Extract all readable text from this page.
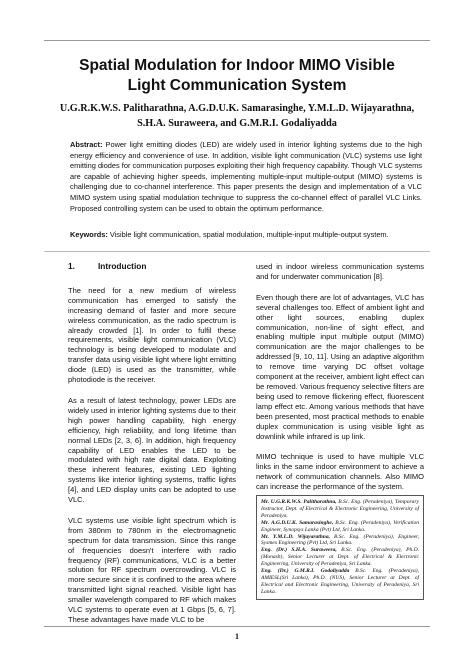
Spatial Modulation for Indoor MIMO Visible
Light Communication System
U.G.R.K.W.S. Palitharathna, A.G.D.U.K. Samarasinghe, Y.M.L.D. Wijayarathna,
S.H.A. Suraweera, and G.M.R.I. Godaliyadda
Abstract: Power light emitting diodes (LED) are widely used in interior lighting systems due to the high energy efficiency and convenience of use. In addition, visible light communication (VLC) systems use light emitting diodes for communication purposes exploiting their high frequency capability. Though VLC systems are capable of achieving higher speeds, implementing multiple-input multiple-output (MIMO) systems is challenging due to co-channel interference. This paper presents the design and implementation of a VLC MIMO system using spatial modulation technique to suppress the co-channel effect of parallel VLC Links. Proposed controlling system can be used to obtain the optimum performance.
Keywords: Visible light communication, spatial modulation, multiple-input multiple-output system.
1.	Introduction

The need for a new medium of wireless communication has emerged to satisfy the increasing demand of faster and more secure wireless communication, as the radio spectrum is already crowded [1]. In order to fulfil these requirements, visible light communication (VLC) technology is being developed to modulate and transfer data using visible light where light emitting diode (LED) is used as the transmitter, while photodiode is the receiver.

As a result of latest technology, power LEDs are widely used in interior lighting systems due to their high power handling capability, high energy efficiency, high reliability, and long lifetime than normal LEDs [2, 3, 6]. In addition, high frequency capability of LED enables the LED to be modulated with high rate digital data. Exploiting these inherent features, existing LED lighting systems like interior lighting systems, traffic lights [4], and LED display units can be adopted to use VLC.

VLC systems use visible light spectrum which is from 380nm to 780nm in the electromagnetic spectrum for data transmission. Since this range of frequencies doesn't interfere with radio frequency (RF) communications, VLC is a better solution for RF spectrum overcrowding. VLC is more secure since it is confined to the area where transmitted light signal reached. Visible light has smaller wavelength compared to RF which makes VLC systems to operate even at 1 Gbps [5, 6, 7]. These advantages have made VLC to be

used in indoor wireless communication systems and for underwater communication [8].

Even though there are lot of advantages, VLC has several challenges too. Effect of ambient light and other light sources, enabling duplex communication, non-line of sight effect, and enabling multiple input multiple output (MIMO) communication are the major challenges to be addressed [9, 10, 11]. Using an adaptive algorithm to remove time varying DC offset voltage component at the receiver, ambient light effect can be removed. Various frequency selective filters are being used to remove flickering effect, fluorescent lamp effect etc. Among various methods that have been presented, most practical methods to enable duplex communication is using visible light as downlink while infrared is up link.

MIMO technique is used to have multiple VLC links in the same indoor environment to achieve a network of communication channels. Also MIMO can increase the performance of the system.

Mr. U.G.R.K.W.S. Palitharathna, B.Sc. Eng. (Peradeniya), Temporary Instructor, Dept. of Electrical & Electronic Engineering, University of Peradeniya.

Mr. A.G.D.U.K. Samarasinghe, B.Sc. Eng. (Peradeniya), Verification Engineer, Synopsys Lanka (Pvt) Ltd, Sri Lanka.

Mr. Y.M.L.D. Wijayarathna, B.Sc. Eng. (Peradeniya), Engineer, Sysmex Engineering (Pvt) Ltd, Sri Lanka.

Eng. (Dr.) S.H.A. Suraweera, B.Sc. Eng. (Peradeniya), Ph.D. (Monash), Senior Lecturer at Dept. of Electrical & Electronic Engineering, University of Peradeniya, Sri Lanka.

Eng. (Dr.) G.M.R.I. Godaliyadda B.Sc. Eng. (Peradeniya), AMIESL(Sri Lanka), Ph.D. (NUS), Senior Lecturer at Dept. of Electrical and Electronic Engineering, University of Peradeniya, Sri Lanka.

1
